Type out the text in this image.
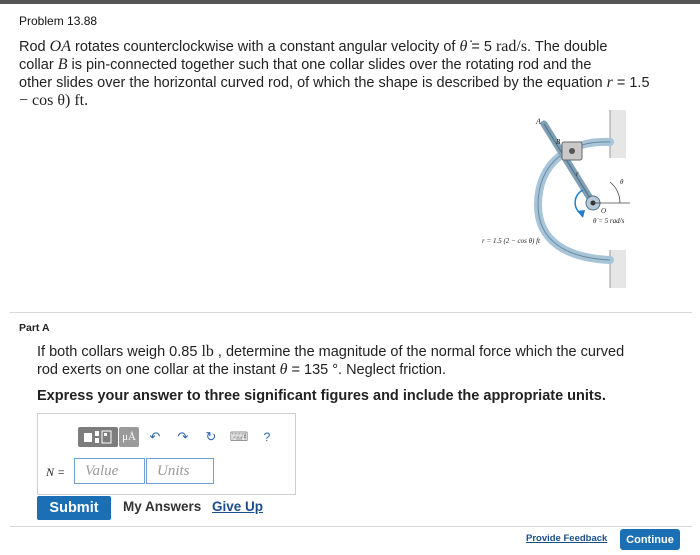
Problem 13.88
Rod OA rotates counterclockwise with a constant angular velocity of θ̇ = 5 rad/s. The double
collar B is pin-connected together such that one collar slides over the rotating rod and the
other slides over the horizontal curved rod, of which the shape is described by the equation r = 1.5
− cos θ) ft.
A
B
r
θ
O
θ̇ = 5 rad/s
r = 1.5 (2 − cos θ) ft
Part A
If both collars weigh 0.85 lb , determine the magnitude of the normal force which the curved
rod exerts on one collar at the instant θ = 135 °. Neglect friction.
Express your answer to three significant figures and include the appropriate units.
μÅ ↶ ↷ ↻ ⌨ ?
N =
Value
Units
Submit	My Answers Give Up
Provide Feedback	Continue
